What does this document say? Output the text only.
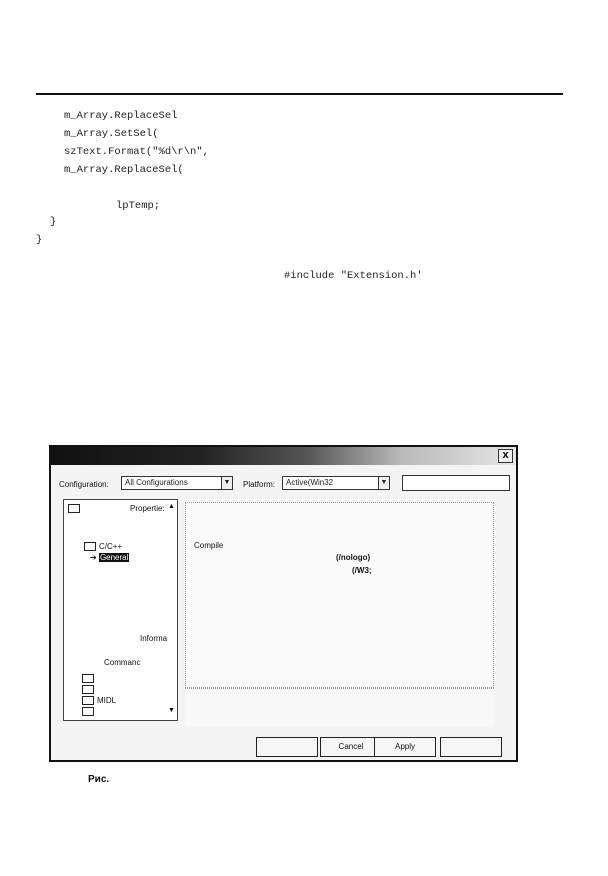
m_Array.ReplaceSel
m_Array.SetSel(
szText.Format("%d\r\n",
m_Array.ReplaceSel(
lpTemp;
}
}
#include "Extension.h'
x
Configuration:	All Configurations	▼ Platform:	Active(Win32	▼
Propertie: ▲
C/C++
➔ General
Informa
Commanc
MIDL
▼
Compile
(/nologo)
(/W3;
Cancel	Apply
Рис.
